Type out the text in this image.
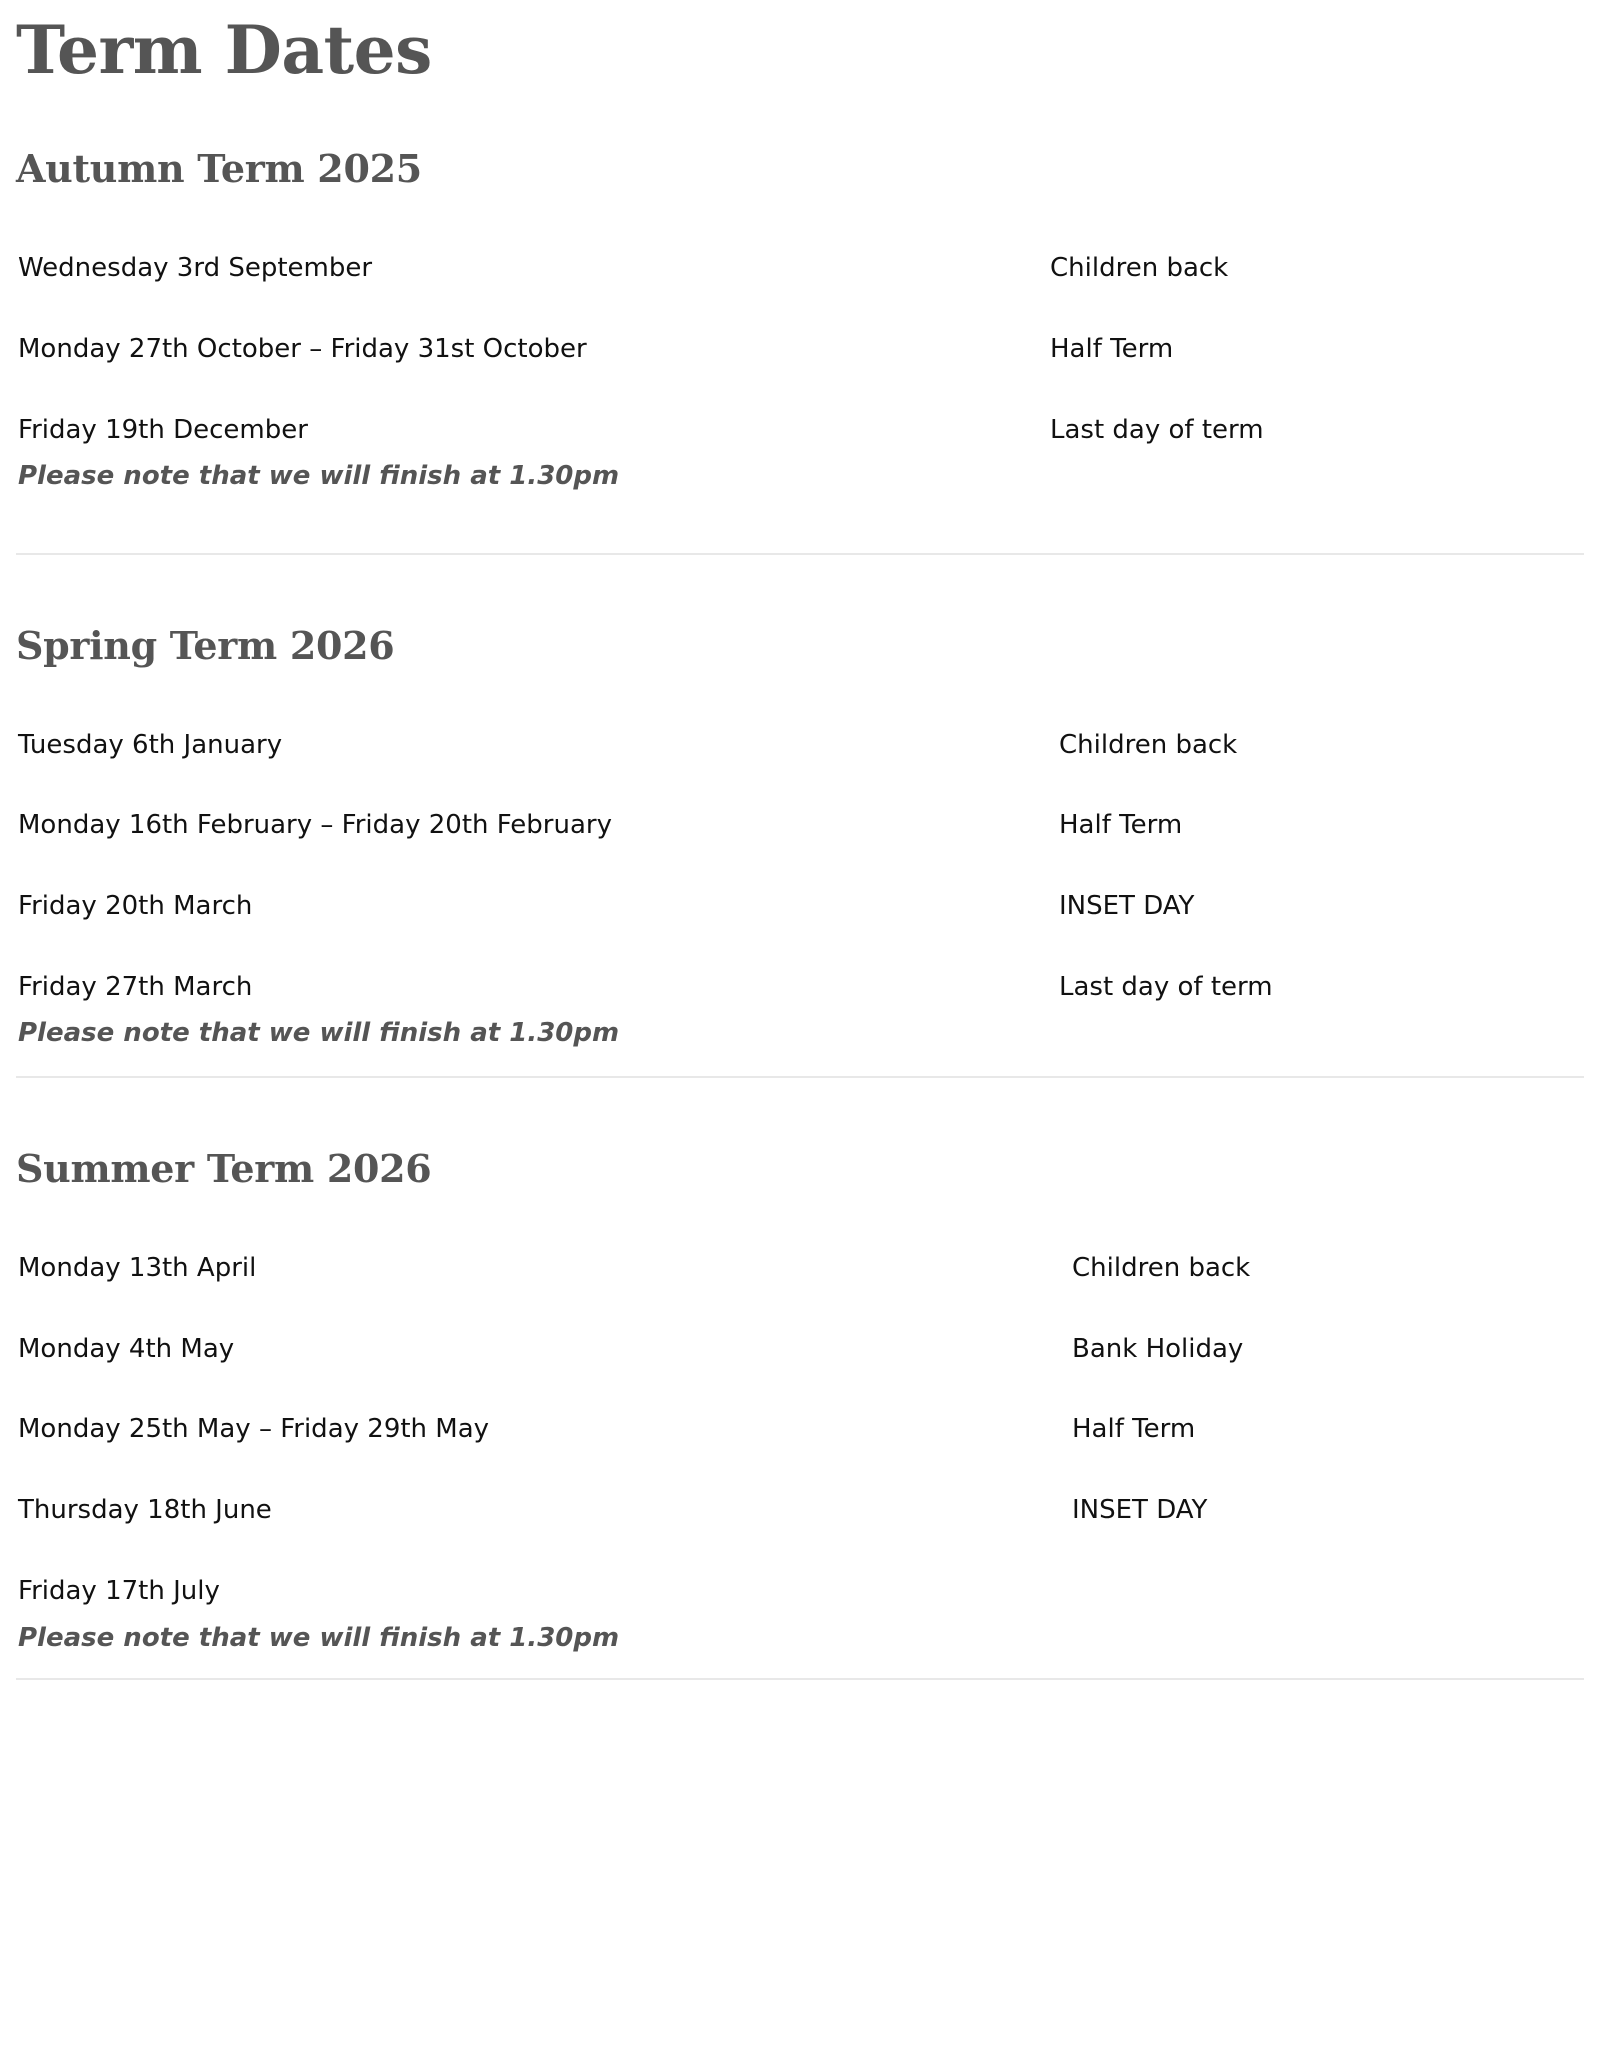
Term Dates
Autumn Term 2025
Wednesday 3rd September	Children back
Monday 27th October – Friday 31st October	Half Term
Friday 19th December	Last day of term
Please note that we will finish at 1.30pm
Spring Term 2026
Tuesday 6th January	Children back
Monday 16th February – Friday 20th February	Half Term
Friday 20th March	INSET DAY
Friday 27th March	Last day of term
Please note that we will finish at 1.30pm
Summer Term 2026
Monday 13th April	Children back
Monday 4th May	Bank Holiday
Monday 25th May – Friday 29th May	Half Term
Thursday 18th June	INSET DAY
Friday 17th July
Please note that we will finish at 1.30pm
